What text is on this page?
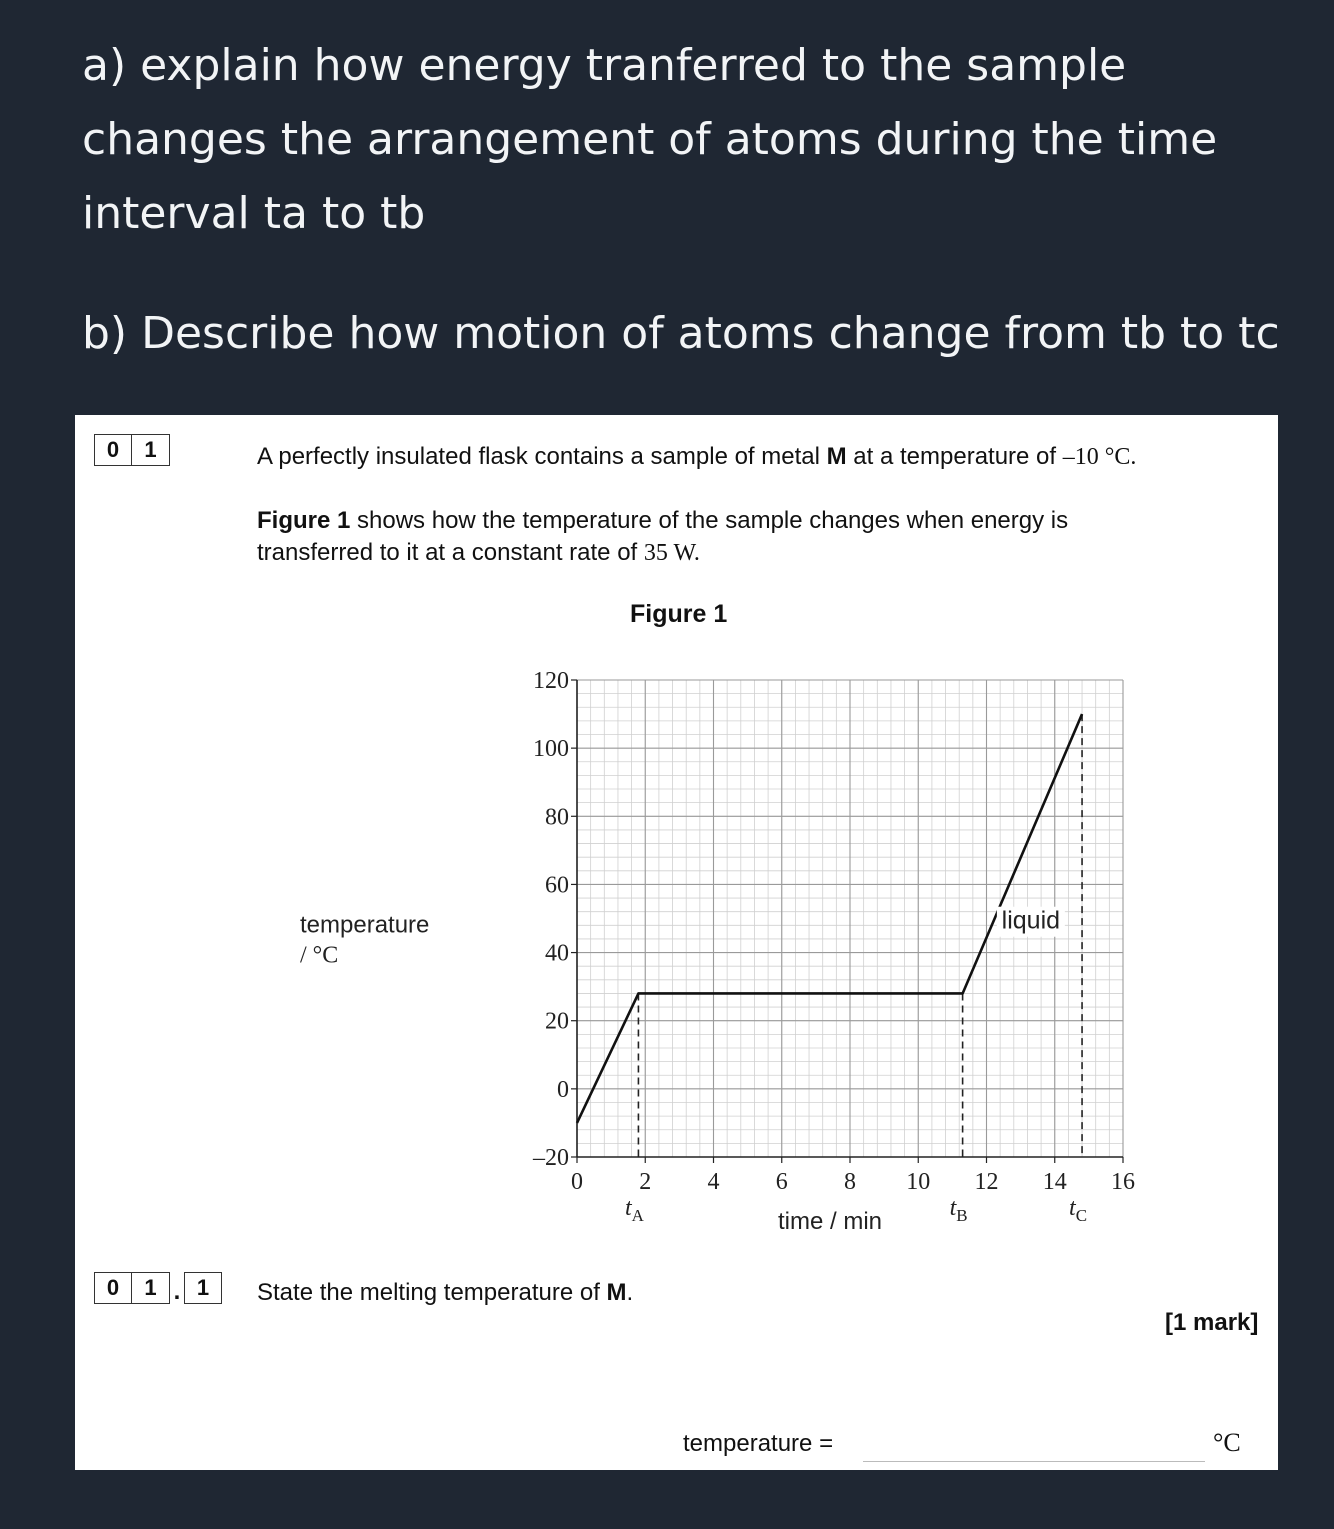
a) explain how energy tranferred to the sample changes the arrangement of atoms during the time interval ta to tb
b) Describe how motion of atoms change from tb to tc
0	1	A perfectly insulated flask contains a sample of metal M at a temperature of –10 °C.
Figure 1 shows how the temperature of the sample changes when energy is
transferred to it at a constant rate of 35 W.
Figure 1
$t_A$	$t_B$	$t_C$
liquid
–20
0
20
40
60
80
100
120
0 2 4 6 8 10 12 14 16
time / min
temperature
/ °C
0	1 . 1	State the melting temperature of M.
[1 mark]
temperature =	°C
